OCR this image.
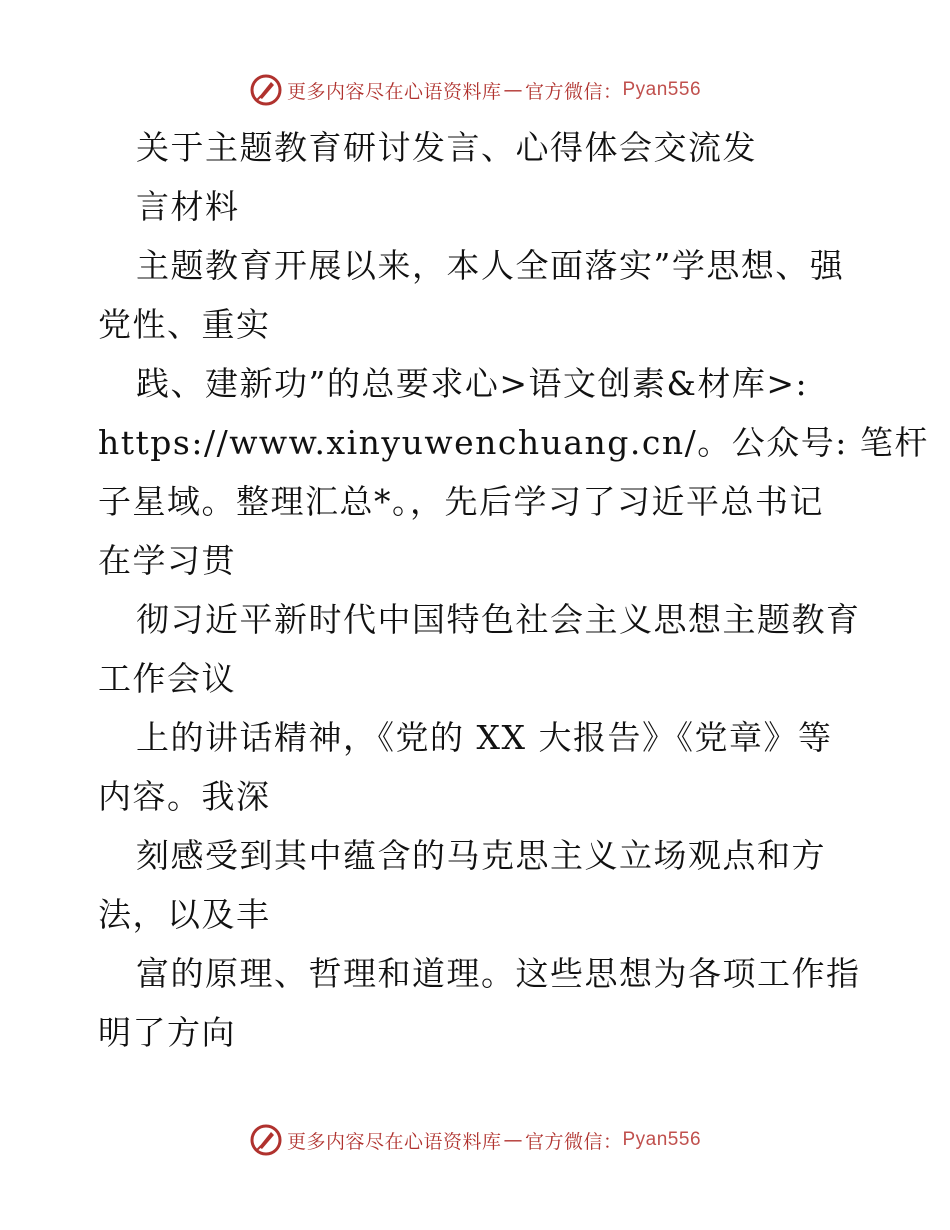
更多内容尽在心语资料库 — 官方微信： Pyan556
关于主题教育研讨发言、心得体会交流发
言材料
主题教育开展以来，本人全面落实”学思想、强
党性、重实
践、建新功”的总要求心>语文创素&材库>:
https://www.xinyuwenchuang.cn/。公众号: 笔杆
子星域。整理汇总*。，先后学习了习近平总书记
在学习贯
彻习近平新时代中国特色社会主义思想主题教育
工作会议
上的讲话精神，《党的 XX 大报告》《党章》等
内容。我深
刻感受到其中蕴含的马克思主义立场观点和方
法，以及丰
富的原理、哲理和道理。这些思想为各项工作指
明了方向
更多内容尽在心语资料库 — 官方微信： Pyan556
